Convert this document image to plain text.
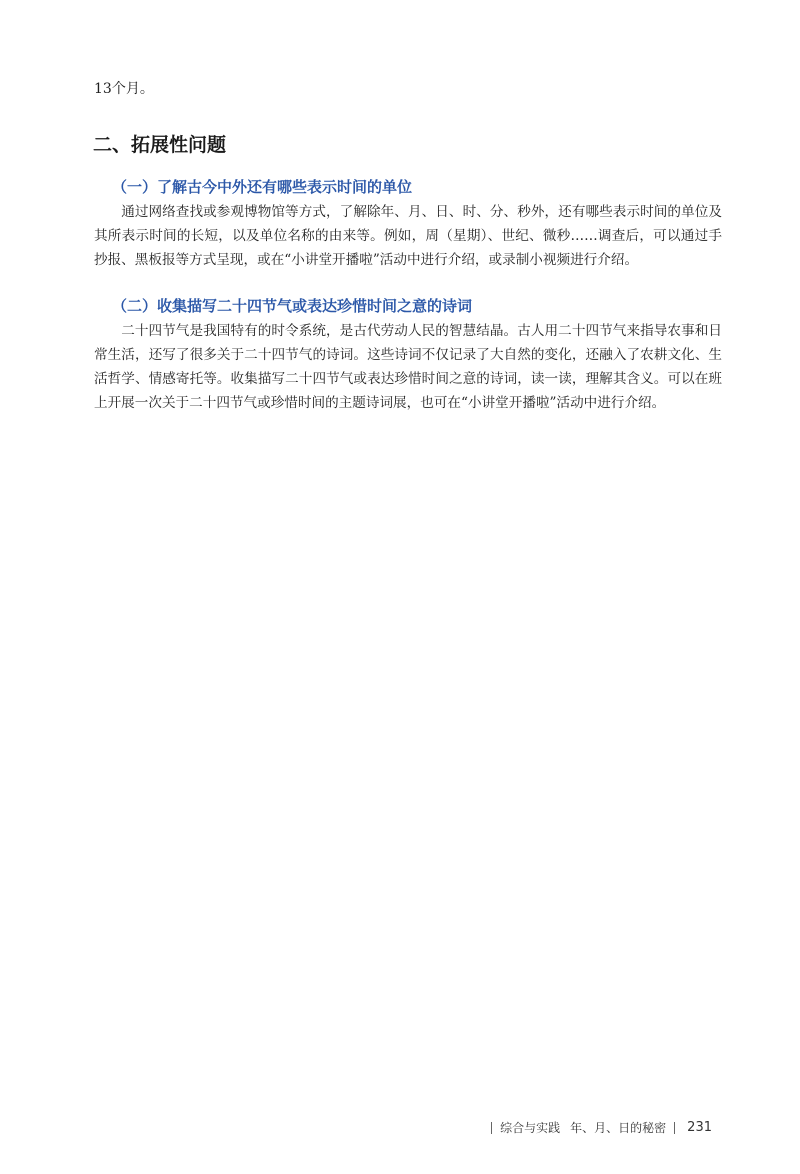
13个月。
二、拓展性问题
（一）了解古今中外还有哪些表示时间的单位
通过网络查找或参观博物馆等方式，了解除年、月、日、时、分、秒外，还有哪些表示时间的单位及其所表示时间的长短，以及单位名称的由来等。例如，周（星期）、世纪、微秒……调查后，可以通过手抄报、黑板报等方式呈现，或在“小讲堂开播啦”活动中进行介绍，或录制小视频进行介绍。
（二）收集描写二十四节气或表达珍惜时间之意的诗词
二十四节气是我国特有的时令系统，是古代劳动人民的智慧结晶。古人用二十四节气来指导农事和日常生活，还写了很多关于二十四节气的诗词。这些诗词不仅记录了大自然的变化，还融入了农耕文化、生活哲学、情感寄托等。收集描写二十四节气或表达珍惜时间之意的诗词，读一读，理解其含义。可以在班上开展一次关于二十四节气或珍惜时间的主题诗词展，也可在“小讲堂开播啦”活动中进行介绍。
综合与实践 年、月、日的秘密 231
